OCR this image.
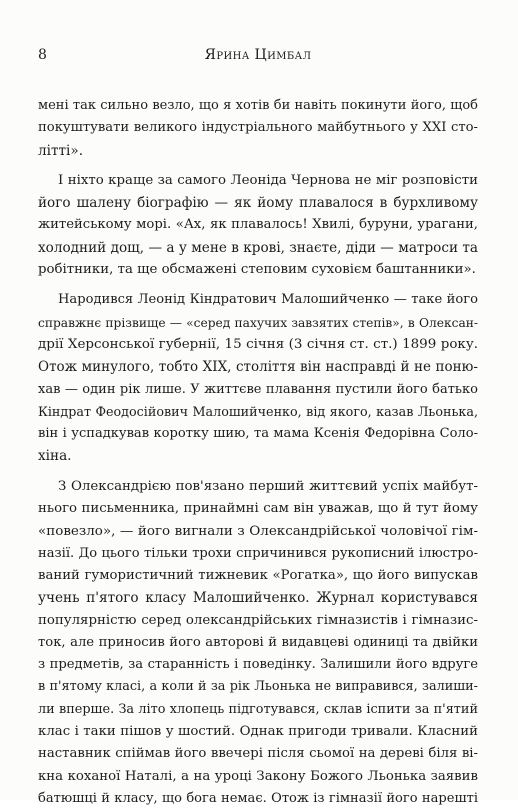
8	Ярина Цимбал
мені так сильно везло, що я хотів би навіть покинути його, щоб
покуштувати великого індустріального майбутнього у XXI сто-
літті».
І ніхто краще за самого Леоніда Чернова не міг розповісти
його шалену біографію — як йому плавалося в бурхливому
житейському морі. «Ах, як плавалось! Хвилі, буруни, урагани,
холодний дощ, — а у мене в крові, знаєте, діди — матроси та
робітники, та ще обсмажені степовим суховієм баштанники».
Народився Леонід Кіндратович Малошийченко — таке його
справжнє прізвище — «серед пахучих завзятих степів», в Олексан-
дрії Херсонської губернії, 15 січня (3 січня ст. ст.) 1899 року.
Отож минулого, тобто XIX, століття він насправді й не поню-
хав — один рік лише. У життєве плавання пустили його батько
Кіндрат Феодосійович Малошийченко, від якого, казав Льонька,
він і успадкував коротку шию, та мама Ксенія Федорівна Соло-
хіна.
З Олександрією пов'язано перший життєвий успіх майбут-
нього письменника, принаймні сам він уважав, що й тут йому
«повезло», — його вигнали з Олександрійської чоловічої гім-
назії. До цього тільки трохи спричинився рукописний ілюстро-
ваний гумористичний тижневик «Рогатка», що його випускав
учень п'ятого класу Малошийченко. Журнал користувався
популярністю серед олександрійських гімназистів і гімназис-
ток, але приносив його авторові й видавцеві одиниці та двійки
з предметів, за старанність і поведінку. Залишили його вдруге
в п'ятому класі, а коли й за рік Льонька не виправився, залиши-
ли вперше. За літо хлопець підготувався, склав іспити за п'ятий
клас і таки пішов у шостий. Однак пригоди тривали. Класний
наставник спіймав його ввечері після сьомої на дереві біля ві-
кна коханої Наталі, а на уроці Закону Божого Льонька заявив
батюшці й класу, що бога немає. Отож із гімназії його нарешті
